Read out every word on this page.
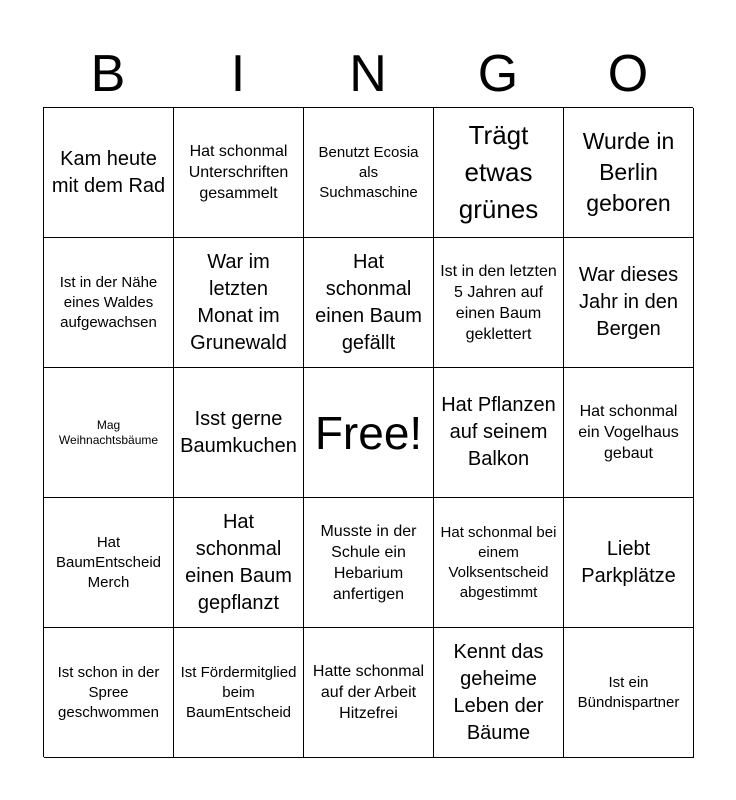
B	I	N	G	O
Kam heute mit dem Rad
Hat schonmal Unterschriften gesammelt
Benutzt Ecosia als Suchmaschine
Trägt etwas grünes
Wurde in Berlin geboren
Ist in der Nähe eines Waldes aufgewachsen
War im letzten Monat im Grunewald
Hat schonmal einen Baum gefällt
Ist in den letzten 5 Jahren auf einen Baum geklettert
War dieses Jahr in den Bergen
Mag Weihnachtsbäume
Isst gerne Baumkuchen Free!
Hat Pflanzen auf seinem Balkon
Hat schonmal ein Vogelhaus gebaut
Hat BaumEntscheid Merch
Hat schonmal einen Baum gepflanzt
Musste in der Schule ein Hebarium anfertigen
Hat schonmal bei einem Volksentscheid abgestimmt
Liebt Parkplätze
Ist schon in der Spree geschwommen
Ist Fördermitglied beim BaumEntscheid
Hatte schonmal auf der Arbeit Hitzefrei
Kennt das geheime Leben der Bäume
Ist ein Bündnispartner
